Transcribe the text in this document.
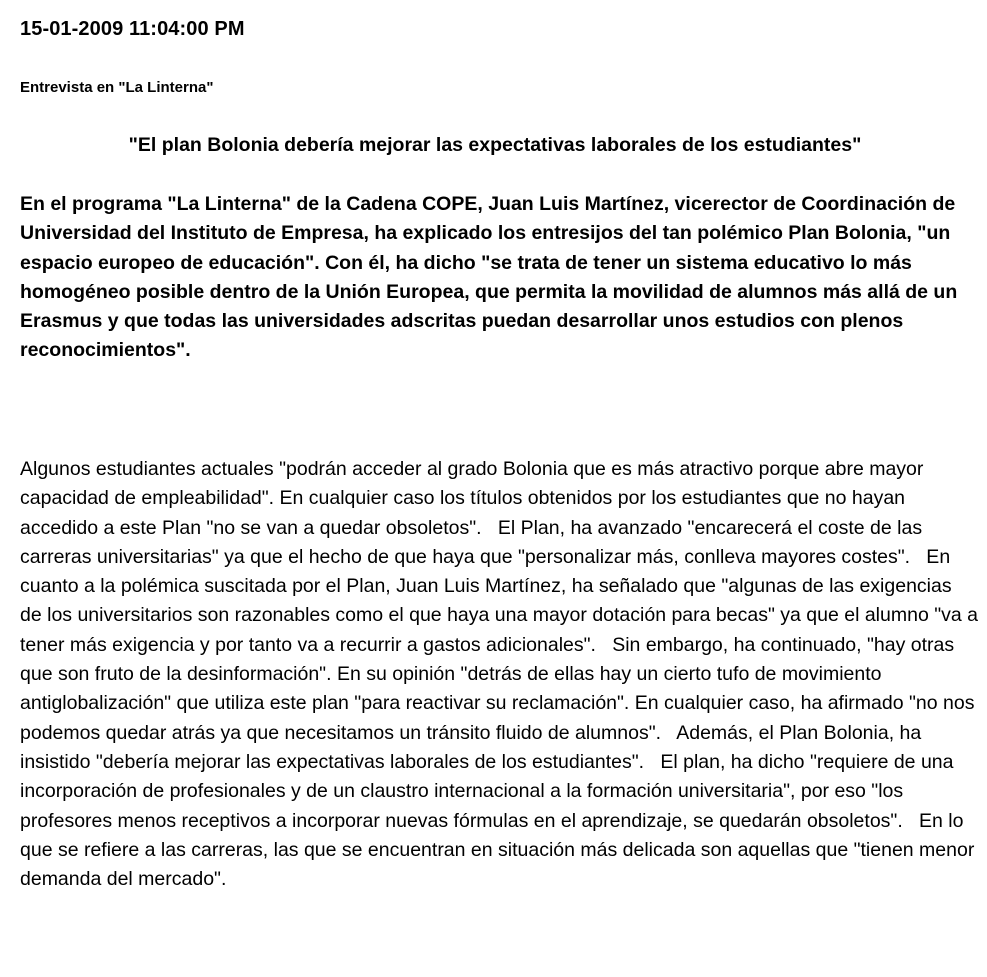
15-01-2009 11:04:00 PM
Entrevista en "La Linterna"
"El plan Bolonia debería mejorar las expectativas laborales de los estudiantes"

En el programa "La Linterna" de la Cadena COPE, Juan Luis Martínez, vicerector de Coordinación de Universidad del Instituto de Empresa, ha explicado los entresijos del tan polémico Plan Bolonia, "un espacio europeo de educación". Con él, ha dicho "se trata de tener un sistema educativo lo más homogéneo posible dentro de la Unión Europea, que permita la movilidad de alumnos más allá de un Erasmus y que todas las universidades adscritas puedan desarrollar unos estudios con plenos reconocimientos".

Algunos estudiantes actuales "podrán acceder al grado Bolonia que es más atractivo porque abre mayor capacidad de empleabilidad". En cualquier caso los títulos obtenidos por los estudiantes que no hayan accedido a este Plan "no se van a quedar obsoletos".   El Plan, ha avanzado "encarecerá el coste de las carreras universitarias" ya que el hecho de que haya que "personalizar más, conlleva mayores costes".   En cuanto a la polémica suscitada por el Plan, Juan Luis Martínez, ha señalado que "algunas de las exigencias de los universitarios son razonables como el que haya una mayor dotación para becas" ya que el alumno "va a tener más exigencia y por tanto va a recurrir a gastos adicionales".   Sin embargo, ha continuado, "hay otras que son fruto de la desinformación". En su opinión "detrás de ellas hay un cierto tufo de movimiento antiglobalización" que utiliza este plan "para reactivar su reclamación". En cualquier caso, ha afirmado "no nos podemos quedar atrás ya que necesitamos un tránsito fluido de alumnos".   Además, el Plan Bolonia, ha insistido "debería mejorar las expectativas laborales de los estudiantes".   El plan, ha dicho "requiere de una incorporación de profesionales y de un claustro internacional a la formación universitaria", por eso "los profesores menos receptivos a incorporar nuevas fórmulas en el aprendizaje, se quedarán obsoletos".   En lo que se refiere a las carreras, las que se encuentran en situación más delicada son aquellas que "tienen menor demanda del mercado".
